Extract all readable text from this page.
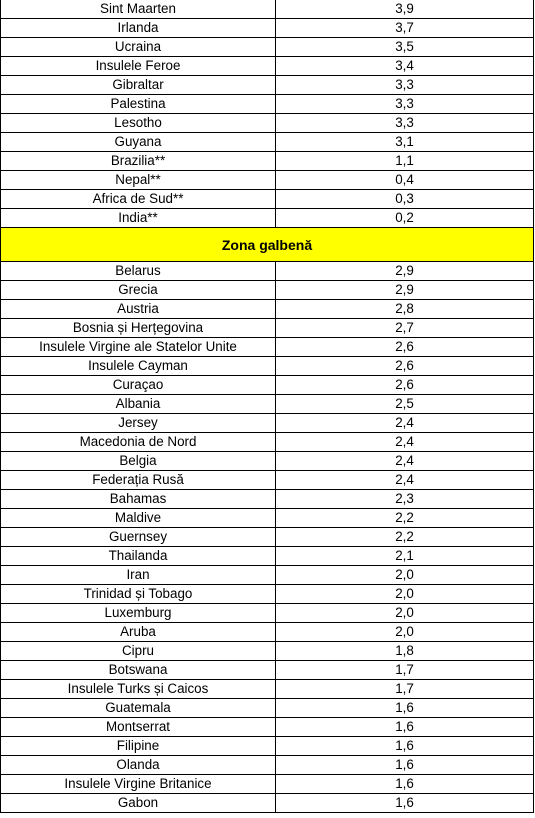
Sint Maarten	3,9
Irlanda	3,7
Ucraina	3,5
Insulele Feroe	3,4
Gibraltar	3,3
Palestina	3,3
Lesotho	3,3
Guyana	3,1
Brazilia**	1,1
Nepal**	0,4
Africa de Sud**	0,3
India**	0,2
Zona galbenă	
Belarus	2,9
Grecia	2,9
Austria	2,8
Bosnia și Herțegovina	2,7
Insulele Virgine ale Statelor Unite	2,6
Insulele Cayman	2,6
Curaçao	2,6
Albania	2,5
Jersey	2,4
Macedonia de Nord	2,4
Belgia	2,4
Federația Rusă	2,4
Bahamas	2,3
Maldive	2,2
Guernsey	2,2
Thailanda	2,1
Iran	2,0
Trinidad și Tobago	2,0
Luxemburg	2,0
Aruba	2,0
Cipru	1,8
Botswana	1,7
Insulele Turks și Caicos	1,7
Guatemala	1,6
Montserrat	1,6
Filipine	1,6
Olanda	1,6
Insulele Virgine Britanice	1,6
Gabon	1,6
